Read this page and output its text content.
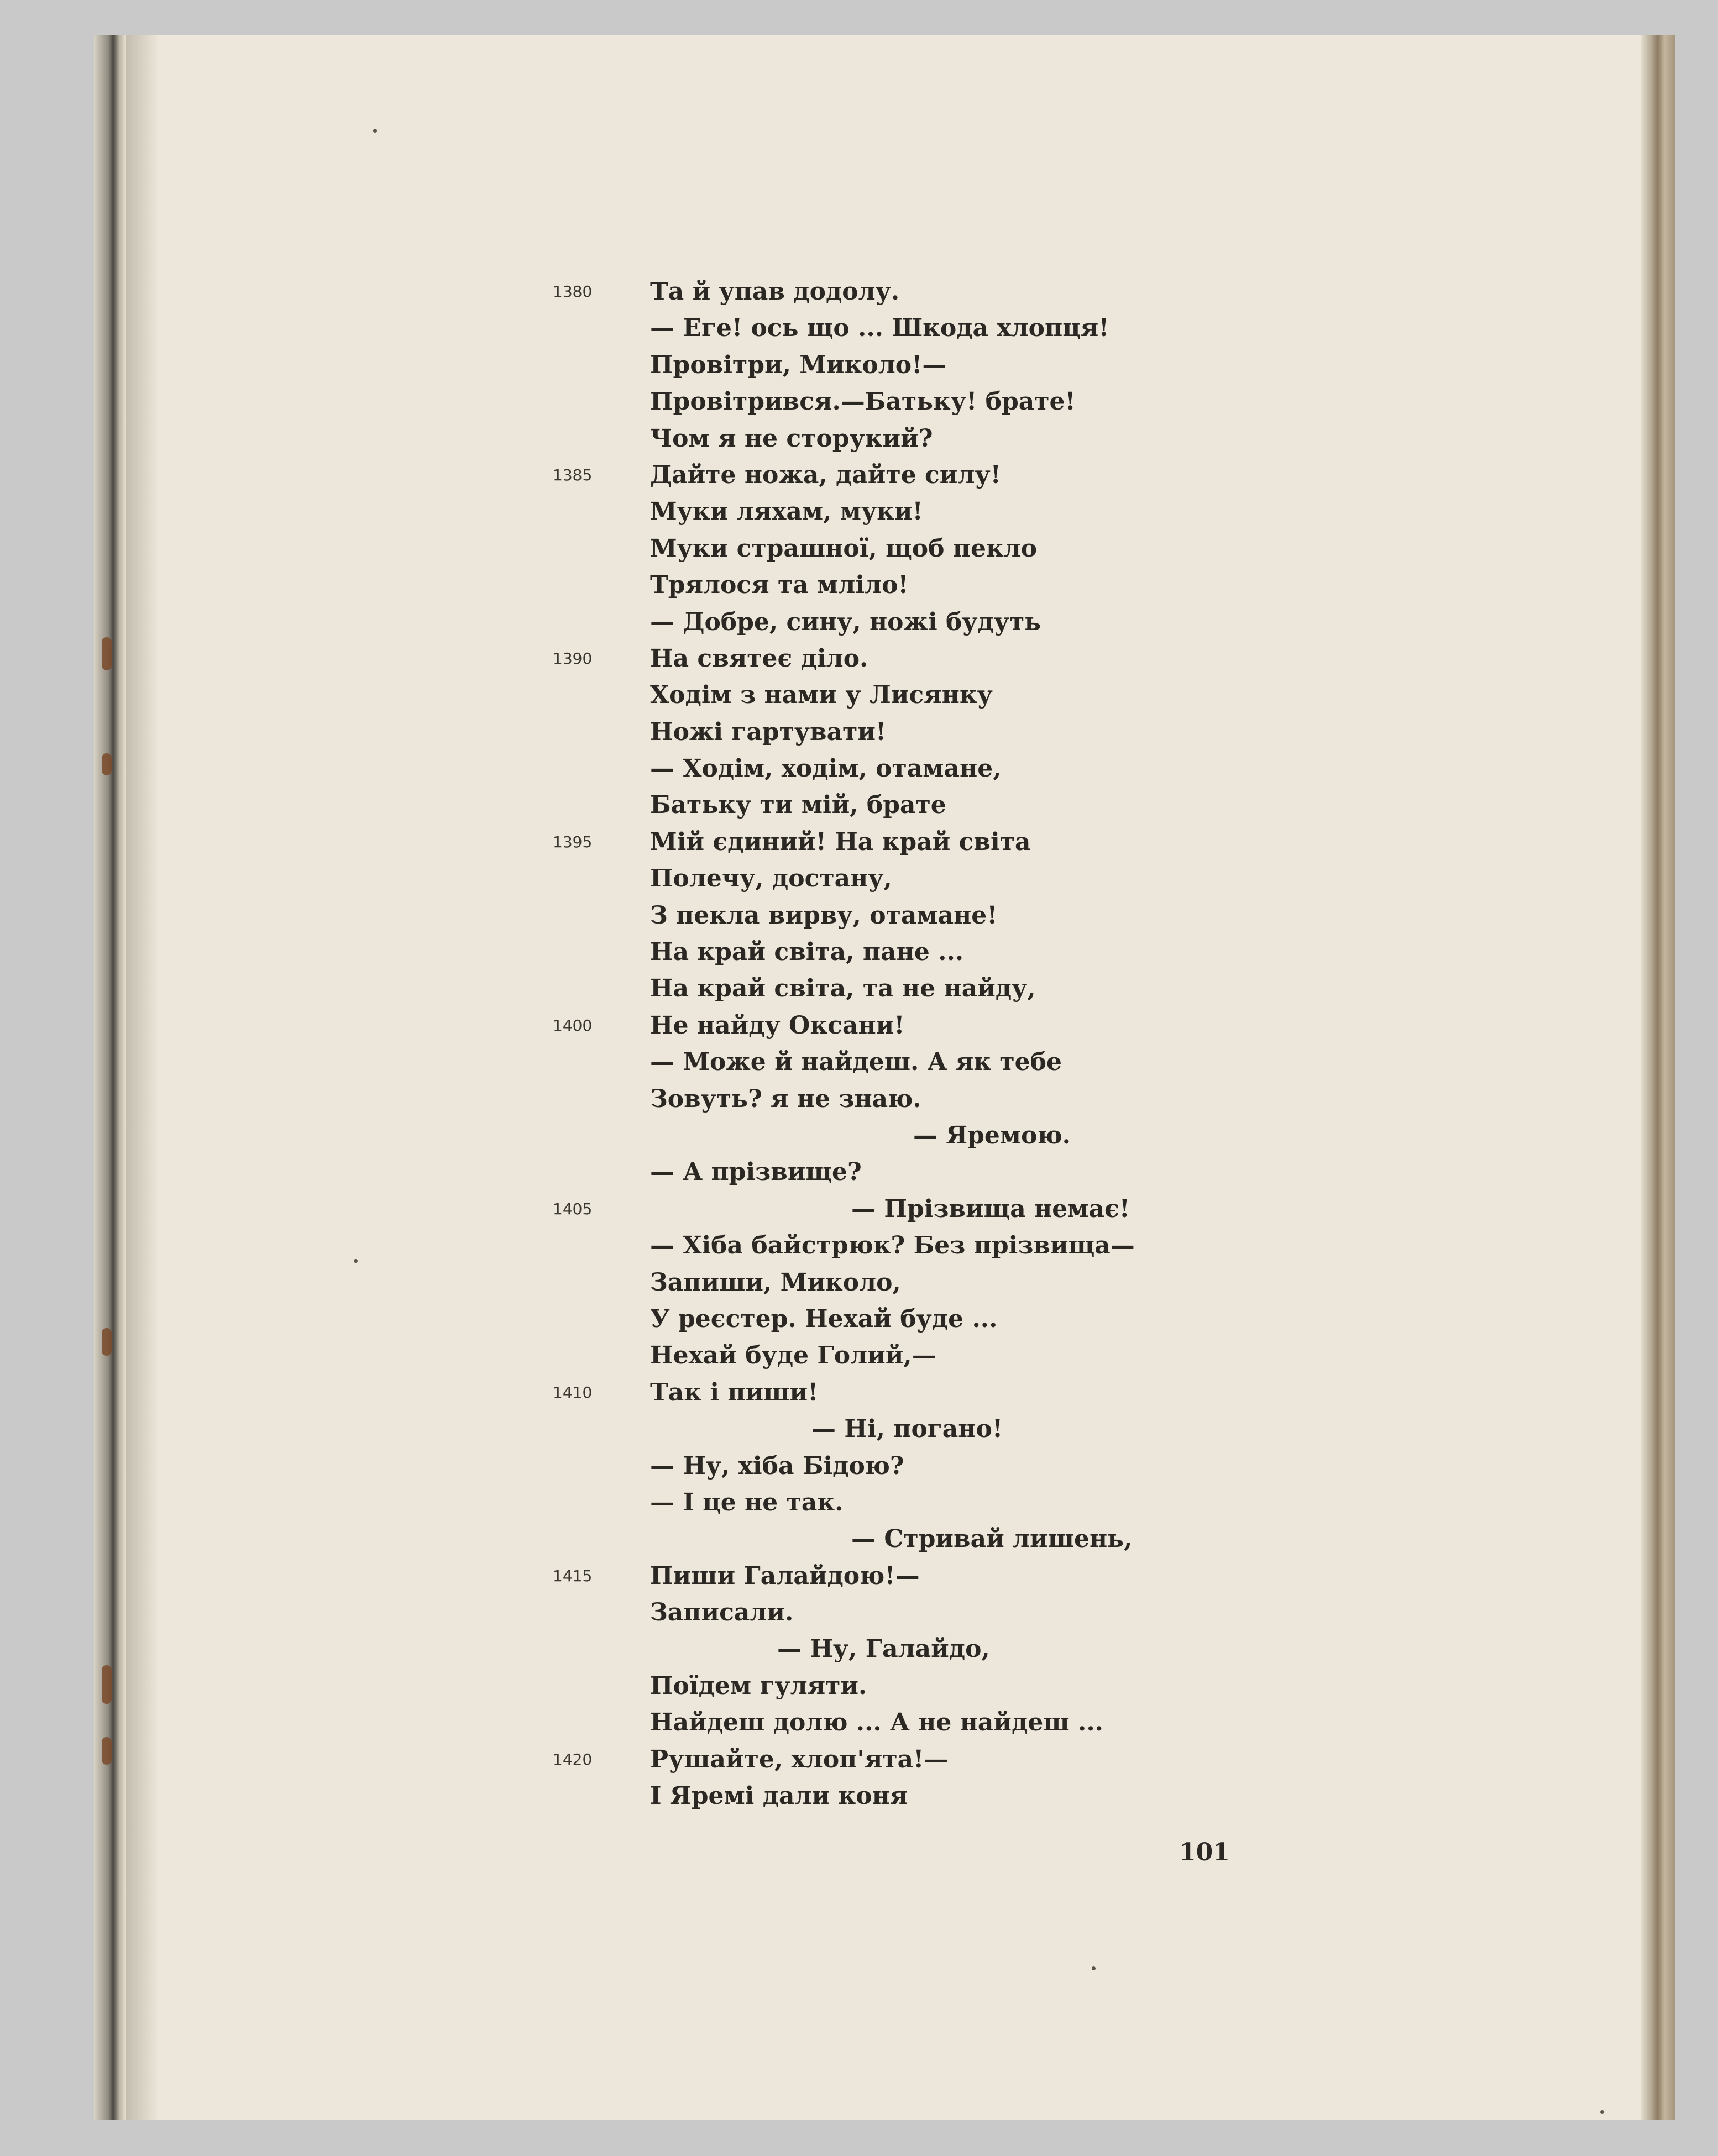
1380	Та й упав додолу.
— Еге! ось що ... Шкода хлопця!
Провітри, Миколо!—
Провітрився.—Батьку! брате!
Чом я не сторукий?
1385	Дайте ножа, дайте силу!
Муки ляхам, муки!
Муки страшної, щоб пекло
Трялося та мліло!
— Добре, сину, ножі будуть
1390	На святеє діло.
Ходім з нами у Лисянку
Ножі гартувати!
— Ходім, ходім, отамане,
Батьку ти мій, брате
1395	Мій єдиний! На край світа
Полечу, достану,
З пекла вирву, отамане!
На край світа, пане ...
На край світа, та не найду,
1400	Не найду Оксани!
— Може й найдеш. А як тебе
Зовуть? я не знаю.
— Яремою.
— А прізвище?
1405	— Прізвища немає!
— Хіба байстрюк? Без прізвища—
Запиши, Миколо,
У реєстер. Нехай буде ...
Нехай буде Голий,—
1410	Так і пиши!
— Ні, погано!
— Ну, хіба Бідою?
— І це не так.
— Стривай лишень,
1415	Пиши Галайдою!—
Записали.
— Ну, Галайдо,
Поїдем гуляти.
Найдеш долю ... А не найдеш ...
1420	Рушайте, хлоп'ята!—
І Яремі дали коня
101
